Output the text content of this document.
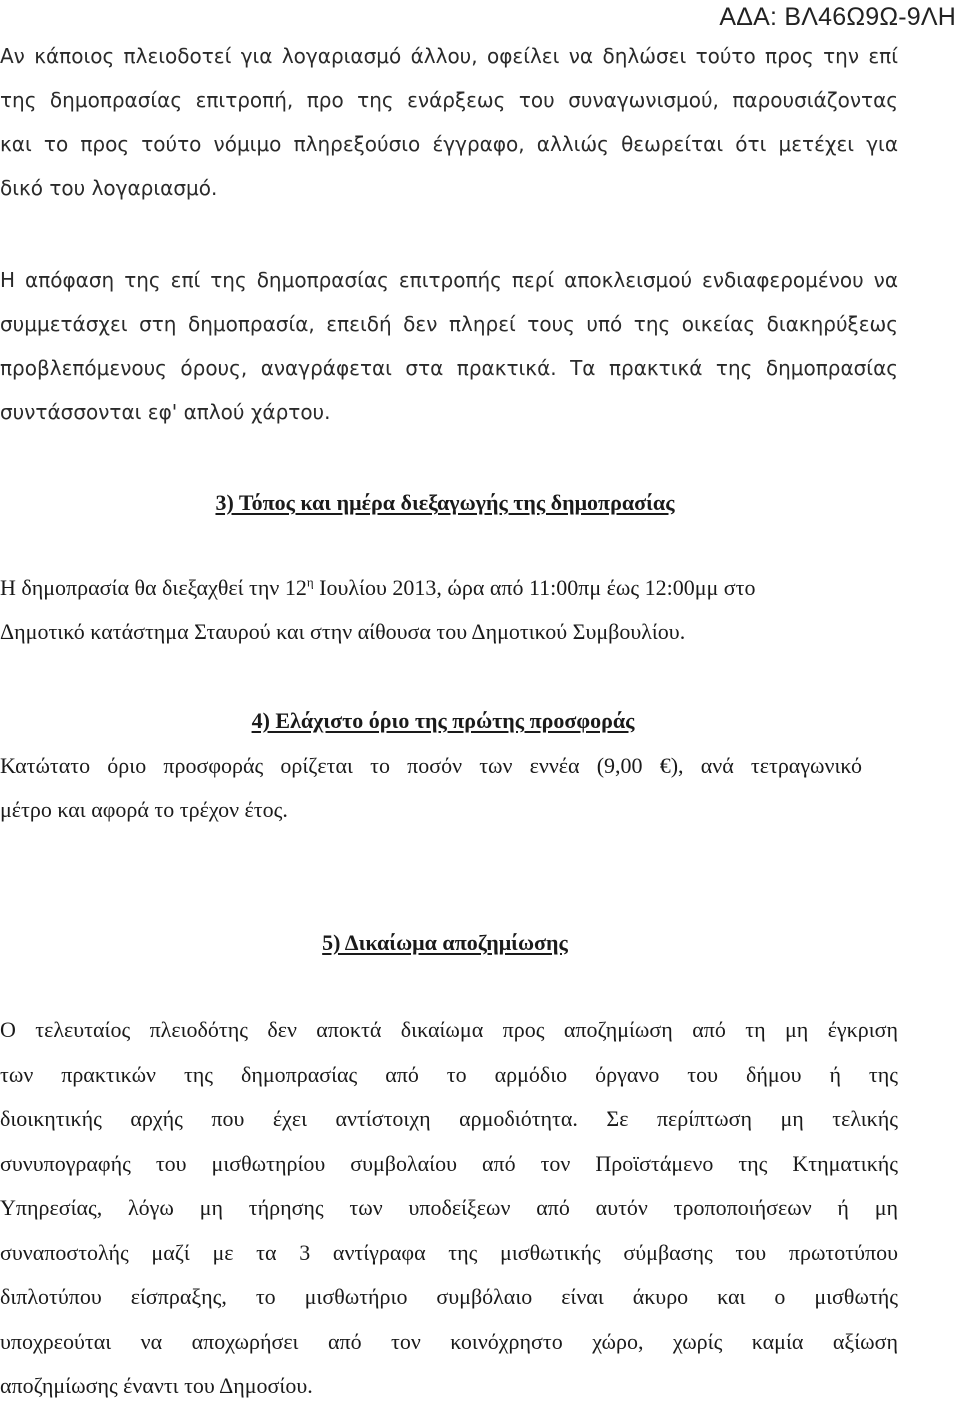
ΑΔΑ: ΒΛ46Ω9Ω-9ΛΗ
Αν κάποιος πλειοδοτεί για λογαριασμό άλλου, οφείλει να δηλώσει τούτο προς την επί
της δημοπρασίας επιτροπή, προ της ενάρξεως του συναγωνισμού, παρουσιάζοντας
και το προς τούτο νόμιμο πληρεξούσιο έγγραφο, αλλιώς θεωρείται ότι μετέχει για
δικό του λογαριασμό.
Η απόφαση της επί της δημοπρασίας επιτροπής περί αποκλεισμού ενδιαφερομένου να
συμμετάσχει στη δημοπρασία, επειδή δεν πληρεί τους υπό της οικείας διακηρύξεως
προβλεπόμενους όρους, αναγράφεται στα πρακτικά. Τα πρακτικά της δημοπρασίας
συντάσσονται εφ' απλού χάρτου.
3) Τόπος και ημέρα διεξαγωγής της δημοπρασίας
Η δημοπρασία θα διεξαχθεί την $12^\eta$ Ιουλίου 2013, ώρα από 11:00πμ έως 12:00μμ στο
Δημοτικό κατάστημα Σταυρού και στην αίθουσα του Δημοτικού Συμβουλίου.
4) Ελάχιστο όριο της πρώτης προσφοράς
Κατώτατο όριο προσφοράς ορίζεται το ποσόν των εννέα (9,00 €), ανά τετραγωνικό
μέτρο και αφορά το τρέχον έτος.
5) Δικαίωμα αποζημίωσης
Ο τελευταίος πλειοδότης δεν αποκτά δικαίωμα προς αποζημίωση από τη μη έγκριση
των πρακτικών της δημοπρασίας από το αρμόδιο όργανο του δήμου ή της
διοικητικής αρχής που έχει αντίστοιχη αρμοδιότητα. Σε περίπτωση μη τελικής
συνυπογραφής του μισθωτηρίου συμβολαίου από τον Προϊστάμενο της Κτηματικής
Υπηρεσίας, λόγω μη τήρησης των υποδείξεων από αυτόν τροποποιήσεων ή μη
συναποστολής μαζί με τα 3 αντίγραφα της μισθωτικής σύμβασης του πρωτοτύπου
διπλοτύπου είσπραξης, το μισθωτήριο συμβόλαιο είναι άκυρο και ο μισθωτής
υποχρεούται να αποχωρήσει από τον κοινόχρηστο χώρο, χωρίς καμία αξίωση
αποζημίωσης έναντι του Δημοσίου.
